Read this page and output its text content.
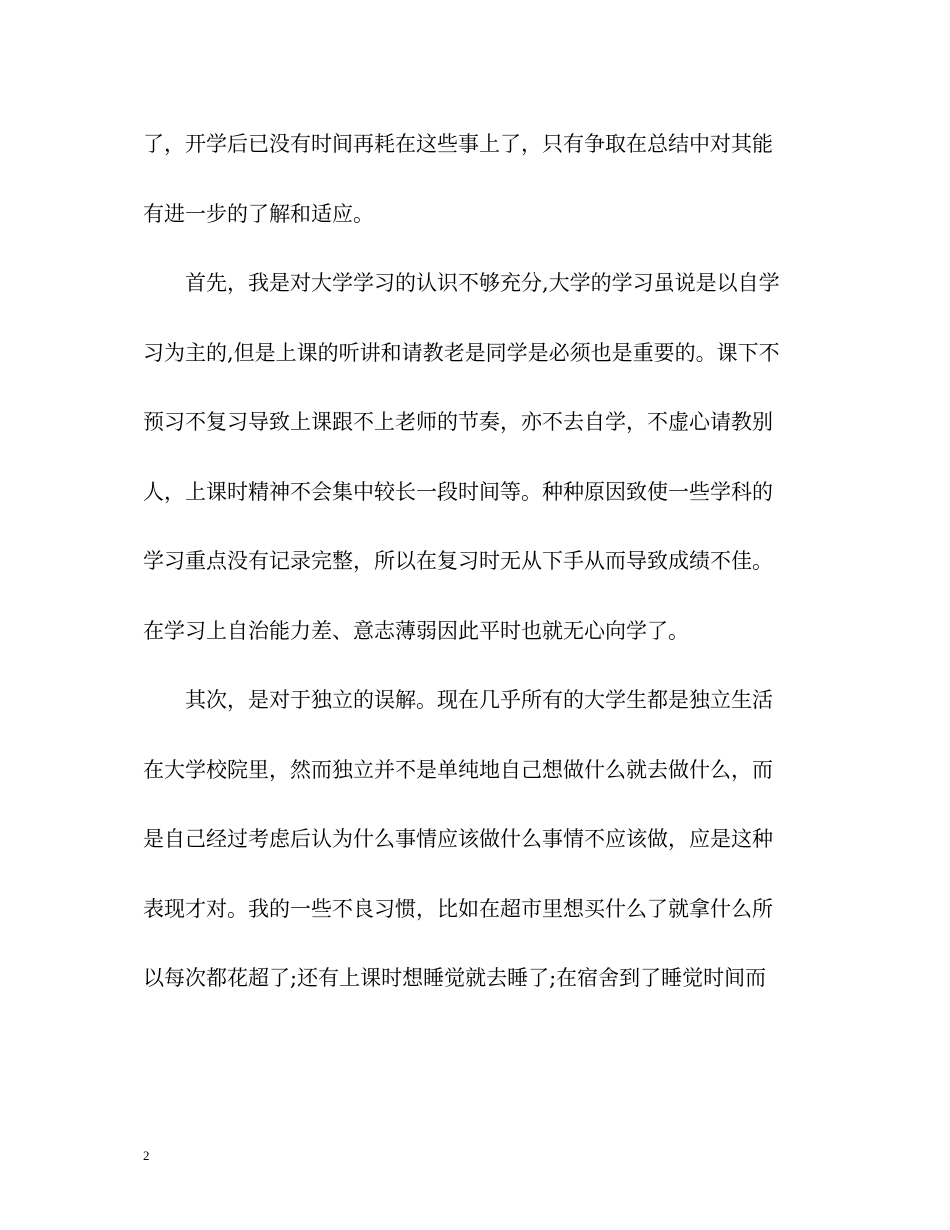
了，开学后已没有时间再耗在这些事上了，只有争取在总结中对其能
有进一步的了解和适应。
首先，我是对大学学习的认识不够充分,大学的学习虽说是以自学
习为主的,但是上课的听讲和请教老是同学是必须也是重要的。课下不
预习不复习导致上课跟不上老师的节奏，亦不去自学，不虚心请教别
人，上课时精神不会集中较长一段时间等。种种原因致使一些学科的
学习重点没有记录完整，所以在复习时无从下手从而导致成绩不佳。
在学习上自治能力差、意志薄弱因此平时也就无心向学了。
其次，是对于独立的误解。现在几乎所有的大学生都是独立生活
在大学校院里，然而独立并不是单纯地自己想做什么就去做什么，而
是自己经过考虑后认为什么事情应该做什么事情不应该做，应是这种
表现才对。我的一些不良习惯，比如在超市里想买什么了就拿什么所
以每次都花超了;还有上课时想睡觉就去睡了;在宿舍到了睡觉时间而
2
